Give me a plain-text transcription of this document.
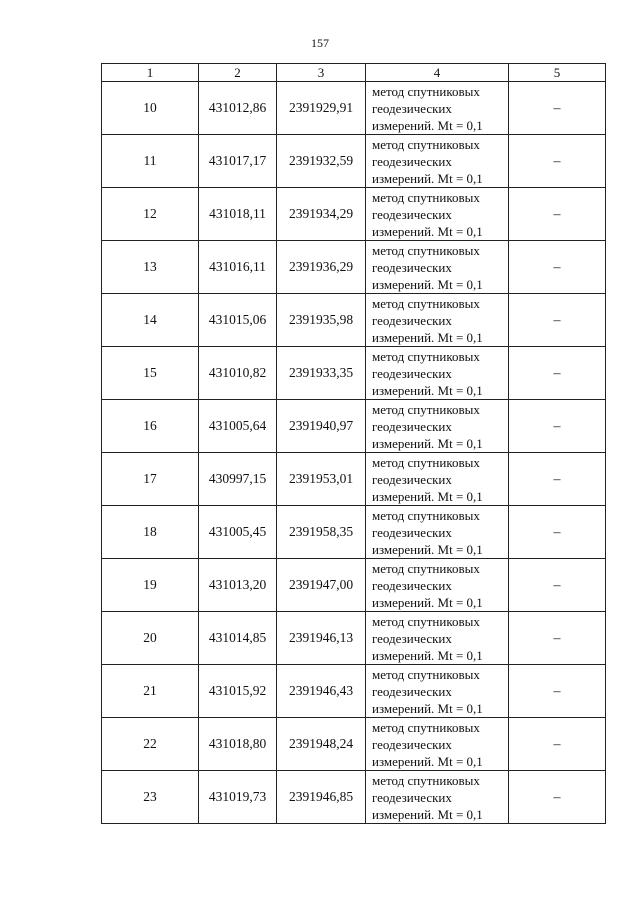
157
1	2	3	4	5
10	431012,86	2391929,91	метод спутниковых
геодезических
измерений. Mt = 0,1	–
11	431017,17	2391932,59	метод спутниковых
геодезических
измерений. Mt = 0,1	–
12	431018,11	2391934,29	метод спутниковых
геодезических
измерений. Mt = 0,1	–
13	431016,11	2391936,29	метод спутниковых
геодезических
измерений. Mt = 0,1	–
14	431015,06	2391935,98	метод спутниковых
геодезических
измерений. Mt = 0,1	–
15	431010,82	2391933,35	метод спутниковых
геодезических
измерений. Mt = 0,1	–
16	431005,64	2391940,97	метод спутниковых
геодезических
измерений. Mt = 0,1	–
17	430997,15	2391953,01	метод спутниковых
геодезических
измерений. Mt = 0,1	–
18	431005,45	2391958,35	метод спутниковых
геодезических
измерений. Mt = 0,1	–
19	431013,20	2391947,00	метод спутниковых
геодезических
измерений. Mt = 0,1	–
20	431014,85	2391946,13	метод спутниковых
геодезических
измерений. Mt = 0,1	–
21	431015,92	2391946,43	метод спутниковых
геодезических
измерений. Mt = 0,1	–
22	431018,80	2391948,24	метод спутниковых
геодезических
измерений. Mt = 0,1	–
23	431019,73	2391946,85	метод спутниковых
геодезических
измерений. Mt = 0,1	–
